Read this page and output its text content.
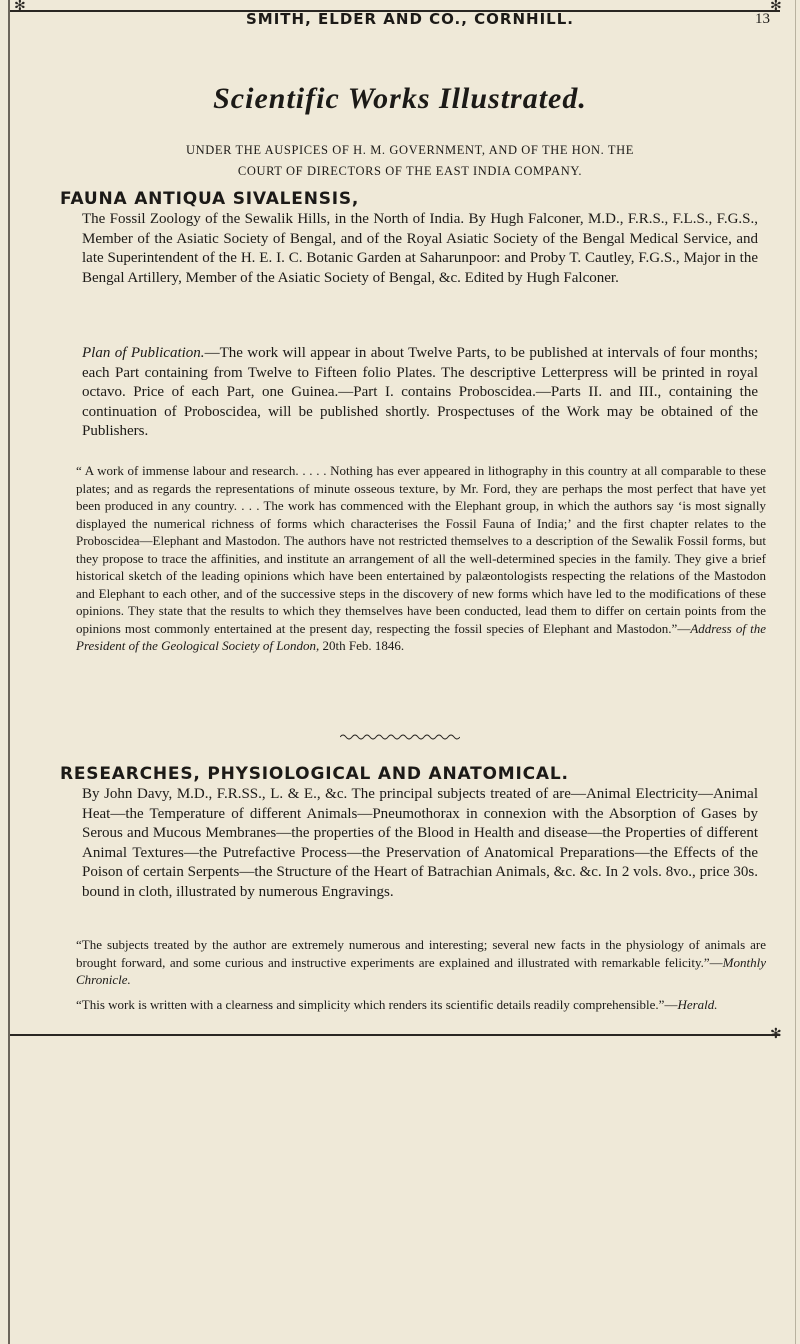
✻	✻
SMITH, ELDER AND CO., CORNHILL.	13
Scientific Works Illustrated.
UNDER THE AUSPICES OF H. M. GOVERNMENT, AND OF THE HON. THE
COURT OF DIRECTORS OF THE EAST INDIA COMPANY.
FAUNA ANTIQUA SIVALENSIS,
The Fossil Zoology of the Sewalik Hills, in the North of India. By Hugh Falconer, M.D., F.R.S., F.L.S., F.G.S., Member of the Asiatic Society of Bengal, and of the Royal Asiatic Society of the Bengal Medical Service, and late Superintendent of the H. E. I. C. Botanic Garden at Saharunpoor: and Proby T. Cautley, F.G.S., Major in the Bengal Artillery, Member of the Asiatic Society of Bengal, &c. Edited by Hugh Falconer.
Plan of Publication.—The work will appear in about Twelve Parts, to be published at intervals of four months; each Part containing from Twelve to Fifteen folio Plates. The descriptive Letterpress will be printed in royal octavo. Price of each Part, one Guinea.—Part I. contains Proboscidea.—Parts II. and III., containing the continuation of Proboscidea, will be published shortly. Prospectuses of the Work may be obtained of the Publishers.
“ A work of immense labour and research. . . . . Nothing has ever appeared in lithography in this country at all comparable to these plates; and as regards the representations of minute osseous texture, by Mr. Ford, they are perhaps the most perfect that have yet been produced in any country. . . . The work has commenced with the Elephant group, in which the authors say ‘is most signally displayed the numerical richness of forms which characterises the Fossil Fauna of India;’ and the first chapter relates to the Proboscidea—Elephant and Mastodon. The authors have not restricted themselves to a description of the Sewalik Fossil forms, but they propose to trace the affinities, and institute an arrangement of all the well-determined species in the family. They give a brief historical sketch of the leading opinions which have been entertained by palæontologists respecting the relations of the Mastodon and Elephant to each other, and of the successive steps in the discovery of new forms which have led to the modifications of these opinions. They state that the results to which they themselves have been conducted, lead them to differ on certain points from the opinions most commonly entertained at the present day, respecting the fossil species of Elephant and Mastodon.”—Address of the President of the Geological Society of London, 20th Feb. 1846.
RESEARCHES, PHYSIOLOGICAL AND ANATOMICAL.
By John Davy, M.D., F.R.SS., L. & E., &c. The principal subjects treated of are—Animal Electricity—Animal Heat—the Temperature of different Animals—Pneumothorax in connexion with the Absorption of Gases by Serous and Mucous Membranes—the properties of the Blood in Health and disease—the Properties of different Animal Textures—the Putrefactive Process—the Preservation of Anatomical Preparations—the Effects of the Poison of certain Serpents—the Structure of the Heart of Batrachian Animals, &c. &c. In 2 vols. 8vo., price 30s. bound in cloth, illustrated by numerous Engravings.
“The subjects treated by the author are extremely numerous and interesting; several new facts in the physiology of animals are brought forward, and some curious and instructive experiments are explained and illustrated with remarkable felicity.”—Monthly Chronicle.
“This work is written with a clearness and simplicity which renders its scientific details readily comprehensible.”—Herald.
✻
